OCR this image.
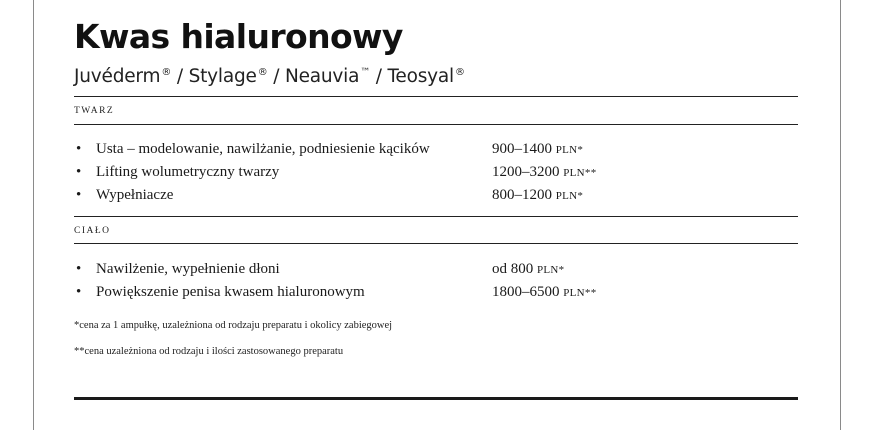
Kwas hialuronowy
Juvéderm® / Stylage® / Neauvia™ / Teosyal®
TWARZ
• Usta – modelowanie, nawilżanie, podniesienie kącików	900–1400 PLN*
• Lifting wolumetryczny twarzy	1200–3200 PLN**
• Wypełniacze	800–1200 PLN*
CIAŁO
• Nawilżenie, wypełnienie dłoni	od 800 PLN*
• Powiększenie penisa kwasem hialuronowym	1800–6500 PLN**
*cena za 1 ampułkę, uzależniona od rodzaju preparatu i okolicy zabiegowej
**cena uzależniona od rodzaju i ilości zastosowanego preparatu
